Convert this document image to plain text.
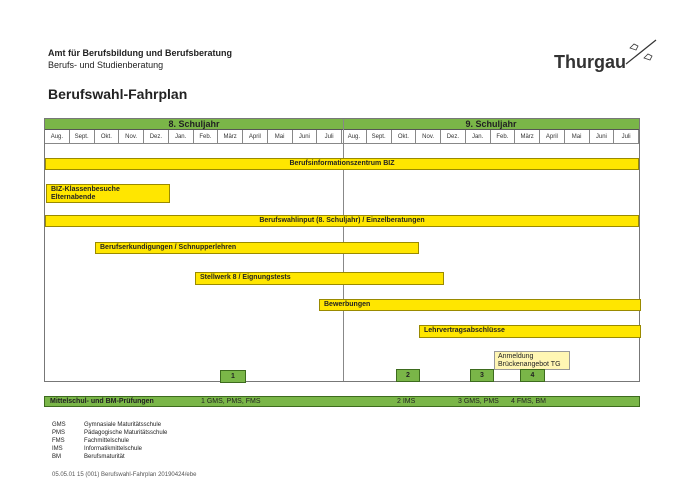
Amt für Berufsbildung und Berufsberatung
Berufs- und Studienberatung	Thurgau
Berufswahl-Fahrplan
8. Schuljahr	9. Schuljahr
Aug.	Sept.	Okt.	Nov.	Dez.	Jan.	Feb.	März	April	Mai	Juni	Juli	Aug.	Sept.	Okt.	Nov.	Dez.	Jan.	Feb.	März	April	Mai	Juni	Juli
Berufsinformationszentrum BIZ
BIZ-Klassenbesuche
Elternabende
Berufswahlinput (8. Schuljahr) / Einzelberatungen
Berufserkundigungen / Schnupperlehren
Stellwerk 8 / Eignungstests
Bewerbungen
Lehrvertragsabschlüsse
Anmeldung
Brückenangebot TG
1	2	3	4
Mittelschul- und BM-Prüfungen	1 GMS, PMS, FMS	2 IMS	3 GMS, PMS 4 FMS, BM
GMS	Gymnasiale Maturitätsschule
PMS	Pädagogische Maturitätsschule
FMS	Fachmittelschule
IMS	Informatikmittelschule
BM	Berufsmaturität
05.05.01 15 (001) Berufswahl-Fahrplan 20190424/ebe
